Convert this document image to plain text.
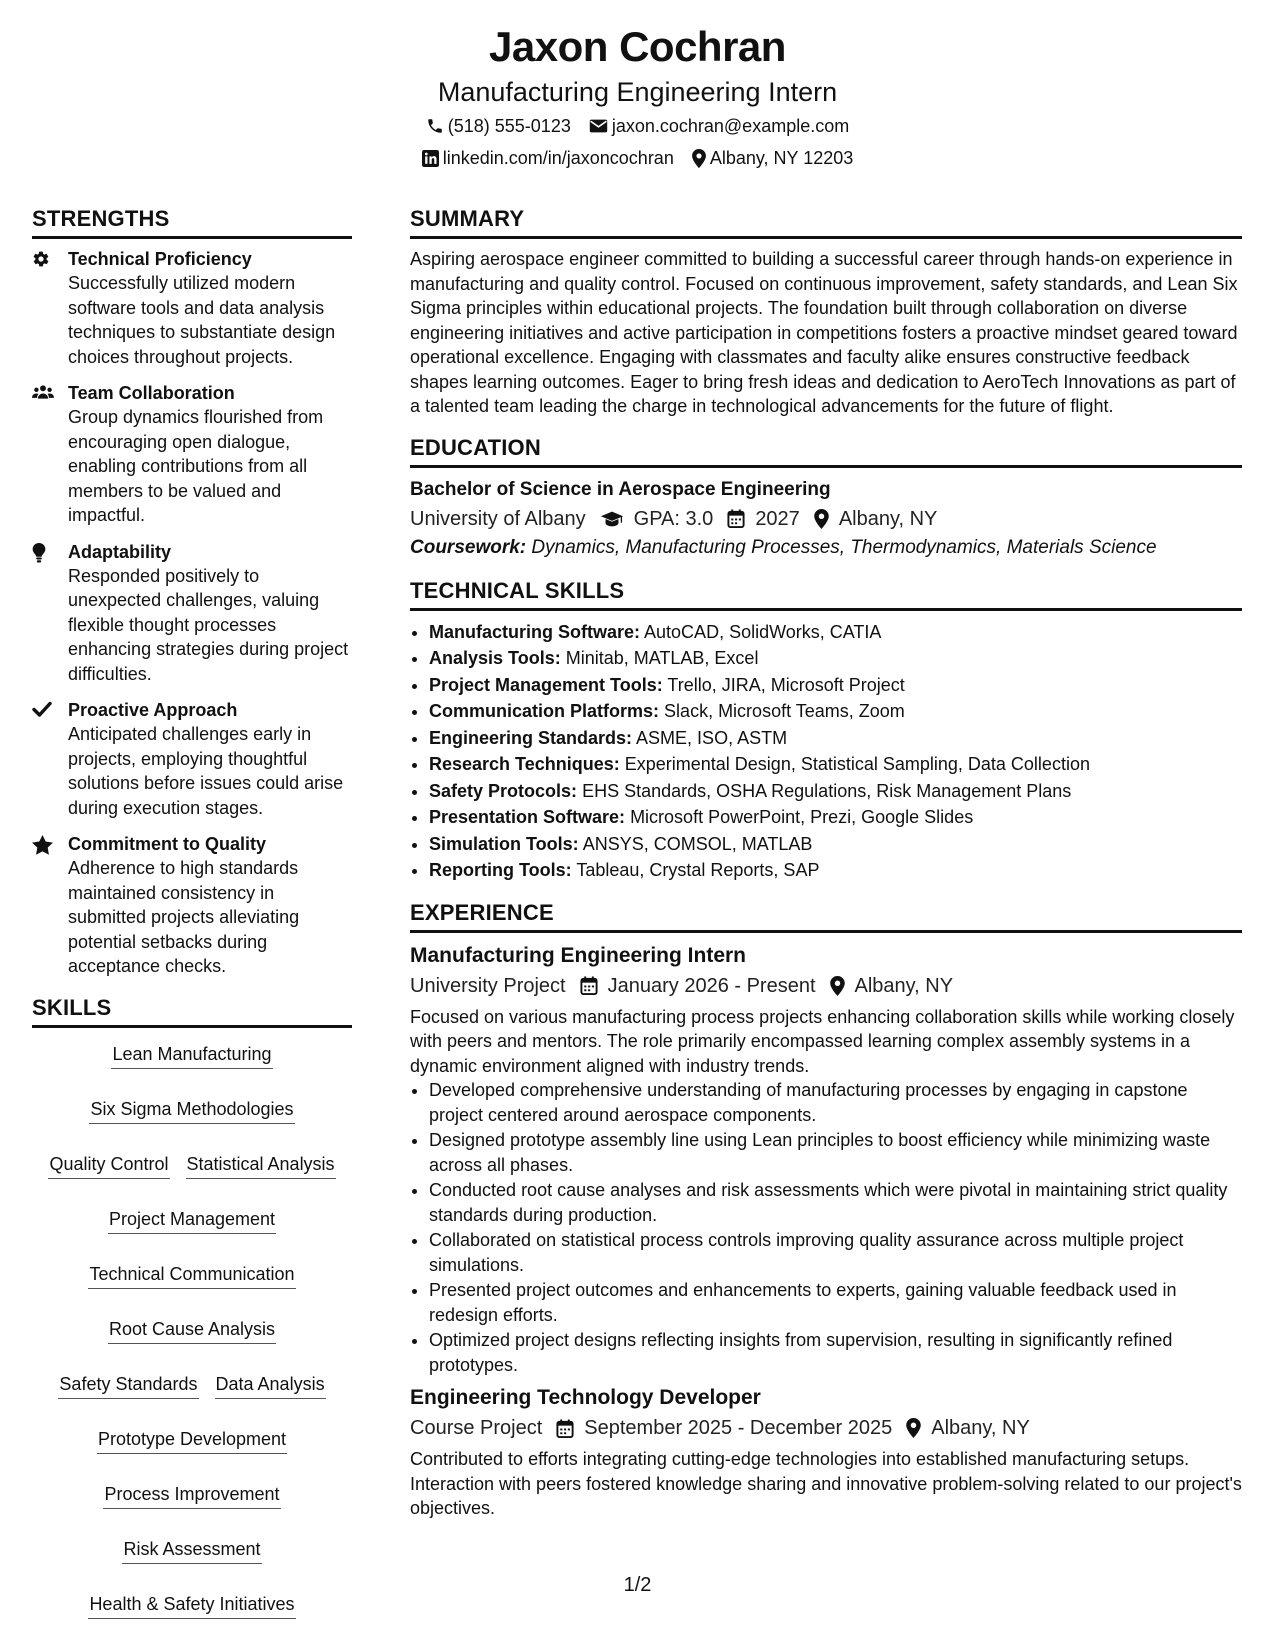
Jaxon Cochran
Manufacturing Engineering Intern
(518) 555-0123 jaxon.cochran@example.com
linkedin.com/in/jaxoncochran Albany, NY 12203
STRENGTHS
Technical Proficiency
Successfully utilized modern software tools and data analysis techniques to substantiate design choices throughout projects.
Team Collaboration
Group dynamics flourished from encouraging open dialogue, enabling contributions from all members to be valued and impactful.
Adaptability
Responded positively to unexpected challenges, valuing flexible thought processes enhancing strategies during project difficulties.
Proactive Approach
Anticipated challenges early in projects, employing thoughtful solutions before issues could arise during execution stages.
Commitment to Quality
Adherence to high standards maintained consistency in submitted projects alleviating potential setbacks during acceptance checks.
SKILLS
Lean Manufacturing
Six Sigma Methodologies
Quality Control Statistical Analysis
Project Management
Technical Communication
Root Cause Analysis
Safety Standards Data Analysis
Prototype Development
Process Improvement
Risk Assessment
Health & Safety Initiatives
SUMMARY
Aspiring aerospace engineer committed to building a successful career through hands-on experience in manufacturing and quality control. Focused on continuous improvement, safety standards, and Lean Six Sigma principles within educational projects. The foundation built through collaboration on diverse engineering initiatives and active participation in competitions fosters a proactive mindset geared toward operational excellence. Engaging with classmates and faculty alike ensures constructive feedback shapes learning outcomes. Eager to bring fresh ideas and dedication to AeroTech Innovations as part of a talented team leading the charge in technological advancements for the future of flight.
EDUCATION
Bachelor of Science in Aerospace Engineering
University of Albany GPA: 3.0 2027 Albany, NY
Coursework: Dynamics, Manufacturing Processes, Thermodynamics, Materials Science
TECHNICAL SKILLS
• Manufacturing Software: AutoCAD, SolidWorks, CATIA
• Analysis Tools: Minitab, MATLAB, Excel
• Project Management Tools: Trello, JIRA, Microsoft Project
• Communication Platforms: Slack, Microsoft Teams, Zoom
• Engineering Standards: ASME, ISO, ASTM
• Research Techniques: Experimental Design, Statistical Sampling, Data Collection
• Safety Protocols: EHS Standards, OSHA Regulations, Risk Management Plans
• Presentation Software: Microsoft PowerPoint, Prezi, Google Slides
• Simulation Tools: ANSYS, COMSOL, MATLAB
• Reporting Tools: Tableau, Crystal Reports, SAP
EXPERIENCE
Manufacturing Engineering Intern
University Project January 2026 - Present Albany, NY
Focused on various manufacturing process projects enhancing collaboration skills while working closely with peers and mentors. The role primarily encompassed learning complex assembly systems in a dynamic environment aligned with industry trends.
• Developed comprehensive understanding of manufacturing processes by engaging in capstone project centered around aerospace components.
• Designed prototype assembly line using Lean principles to boost efficiency while minimizing waste across all phases.
• Conducted root cause analyses and risk assessments which were pivotal in maintaining strict quality standards during production.
• Collaborated on statistical process controls improving quality assurance across multiple project simulations.
• Presented project outcomes and enhancements to experts, gaining valuable feedback used in redesign efforts.
• Optimized project designs reflecting insights from supervision, resulting in significantly refined prototypes.
Engineering Technology Developer
Course Project September 2025 - December 2025 Albany, NY
Contributed to efforts integrating cutting-edge technologies into established manufacturing setups. Interaction with peers fostered knowledge sharing and innovative problem-solving related to our project's objectives.
1/2
